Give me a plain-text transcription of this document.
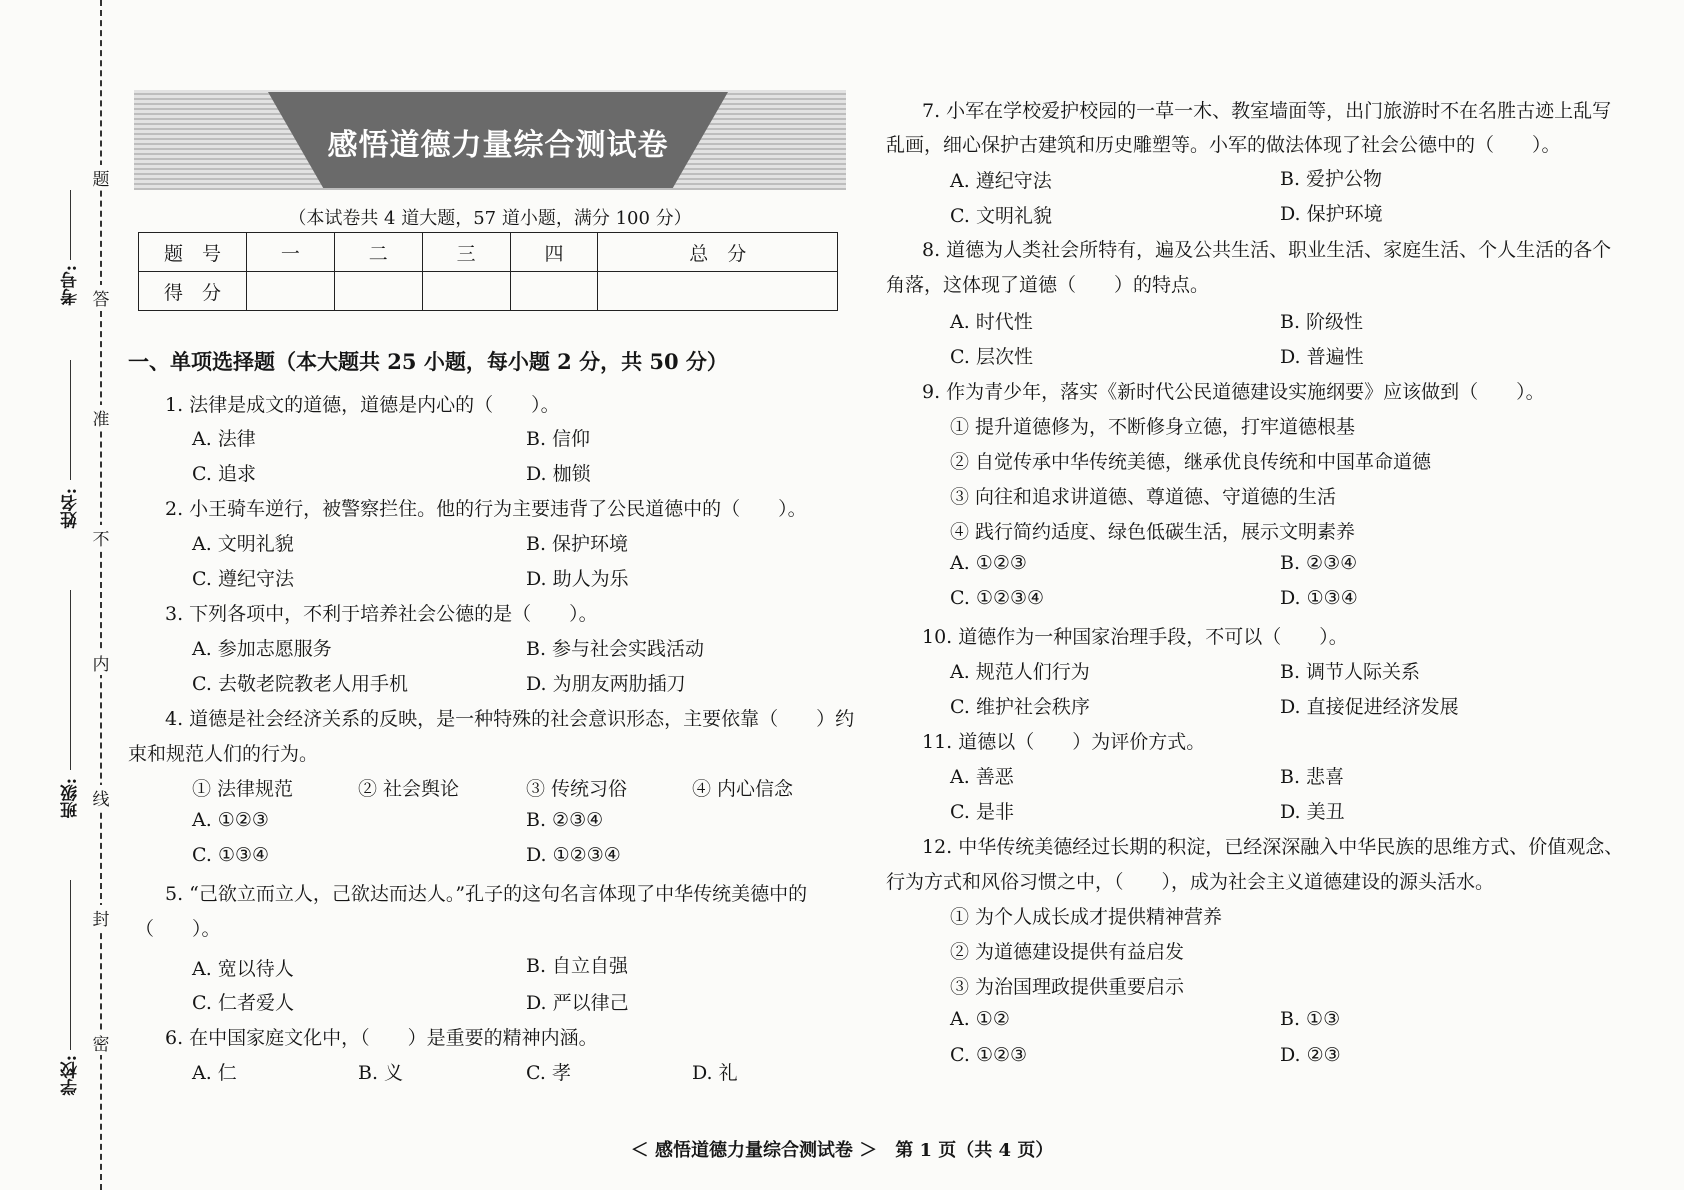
考号:
姓名:
班级:
学校:
题
答
准
不
内
线
封
密
感悟道德力量综合测试卷
（本试卷共 4 道大题，57 道小题，满分 100 分）
题　号	一	二	三	四	总　分
得　分					
一、单项选择题（本大题共 25 小题，每小题 2 分，共 50 分）
1. 法律是成文的道德，道德是内心的（　　）。
A. 法律	B. 信仰
C. 追求	D. 枷锁
2. 小王骑车逆行，被警察拦住。他的行为主要违背了公民道德中的（　　）。
A. 文明礼貌	B. 保护环境
C. 遵纪守法	D. 助人为乐
3. 下列各项中，不利于培养社会公德的是（　　）。
A. 参加志愿服务	B. 参与社会实践活动
C. 去敬老院教老人用手机	D. 为朋友两肋插刀
4. 道德是社会经济关系的反映，是一种特殊的社会意识形态，主要依靠（　　）约
束和规范人们的行为。
① 法律规范	② 社会舆论	③ 传统习俗	④ 内心信念
A. ①②③	B. ②③④
C. ①③④	D. ①②③④
5. “己欲立而立人，己欲达而达人。”孔子的这句名言体现了中华传统美德中的
（　　）。
A. 宽以待人	B. 自立自强
C. 仁者爱人	D. 严以律己
6. 在中国家庭文化中，（　　）是重要的精神内涵。
A. 仁	B. 义	C. 孝	D. 礼
7. 小军在学校爱护校园的一草一木、教室墙面等，出门旅游时不在名胜古迹上乱写
乱画，细心保护古建筑和历史雕塑等。小军的做法体现了社会公德中的（　　）。
A. 遵纪守法	B. 爱护公物
C. 文明礼貌	D. 保护环境
8. 道德为人类社会所特有，遍及公共生活、职业生活、家庭生活、个人生活的各个
角落，这体现了道德（　　）的特点。
A. 时代性	B. 阶级性
C. 层次性	D. 普遍性
9. 作为青少年，落实《新时代公民道德建设实施纲要》应该做到（　　）。
① 提升道德修为，不断修身立德，打牢道德根基
② 自觉传承中华传统美德，继承优良传统和中国革命道德
③ 向往和追求讲道德、尊道德、守道德的生活
④ 践行简约适度、绿色低碳生活，展示文明素养
A. ①②③	B. ②③④
C. ①②③④	D. ①③④
10. 道德作为一种国家治理手段，不可以（　　）。
A. 规范人们行为	B. 调节人际关系
C. 维护社会秩序	D. 直接促进经济发展
11. 道德以（　　）为评价方式。
A. 善恶	B. 悲喜
C. 是非	D. 美丑
12. 中华传统美德经过长期的积淀，已经深深融入中华民族的思维方式、价值观念、
行为方式和风俗习惯之中，（　　），成为社会主义道德建设的源头活水。
① 为个人成长成才提供精神营养
② 为道德建设提供有益启发
③ 为治国理政提供重要启示
A. ①②	B. ①③
C. ①②③	D. ②③
＜ 感悟道德力量综合测试卷 ＞　第 1 页（共 4 页）
